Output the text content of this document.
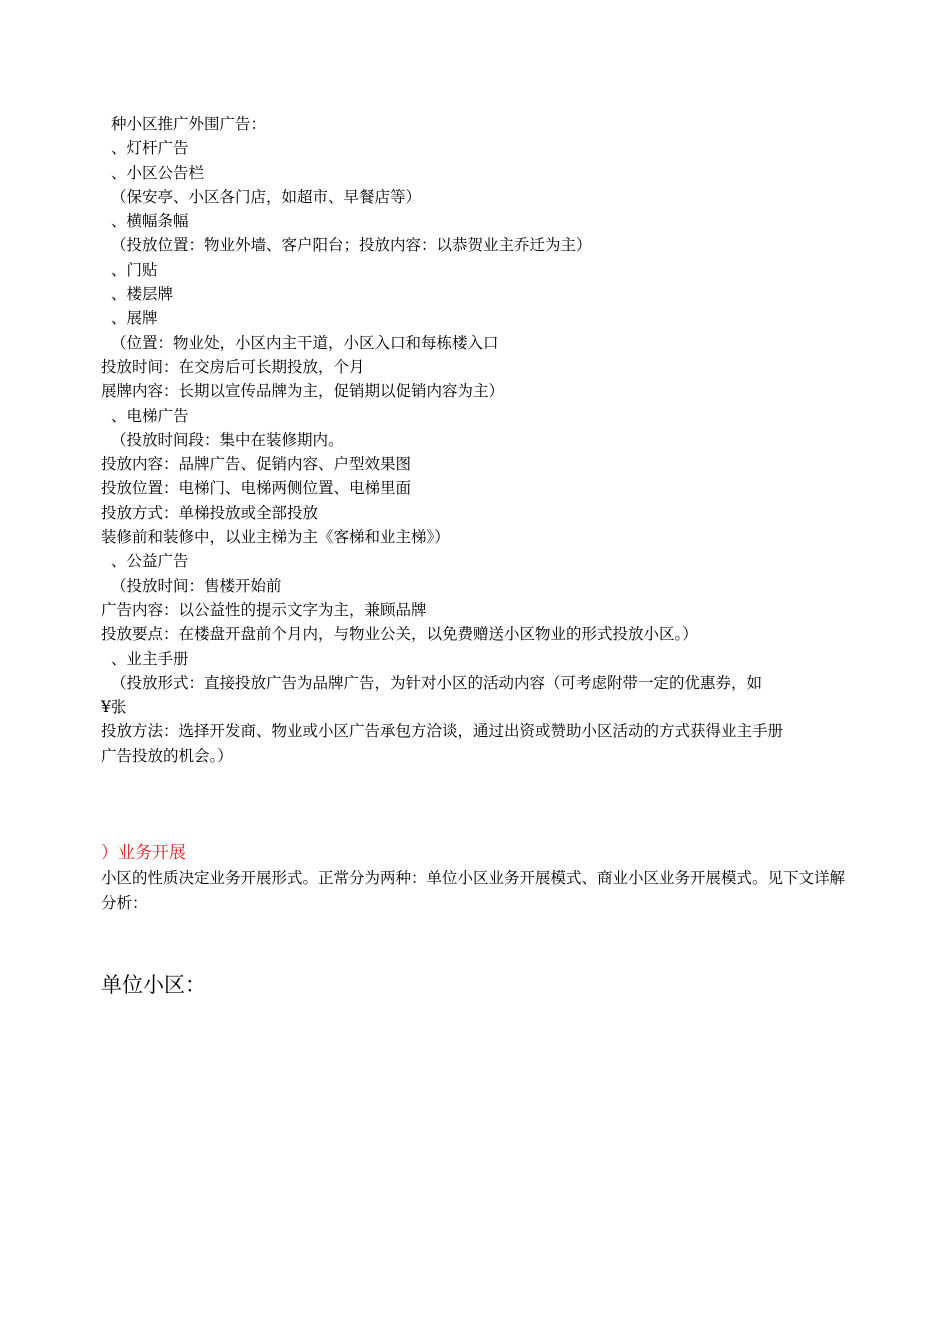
种小区推广外围广告：
、灯杆广告
、小区公告栏
（保安亭、小区各门店，如超市、早餐店等）
、横幅条幅
（投放位置：物业外墙、客户阳台；投放内容：以恭贺业主乔迁为主）
、门贴
、楼层牌
、展牌
（位置：物业处，小区内主干道，小区入口和每栋楼入口
投放时间：在交房后可长期投放，个月
展牌内容：长期以宣传品牌为主，促销期以促销内容为主）
、电梯广告
（投放时间段：集中在装修期内。
投放内容：品牌广告、促销内容、户型效果图
投放位置：电梯门、电梯两侧位置、电梯里面
投放方式：单梯投放或全部投放
装修前和装修中，以业主梯为主《客梯和业主梯》）
、公益广告
（投放时间：售楼开始前
广告内容：以公益性的提示文字为主，兼顾品牌
投放要点：在楼盘开盘前个月内，与物业公关，以免费赠送小区物业的形式投放小区。）
、业主手册
（投放形式：直接投放广告为品牌广告，为针对小区的活动内容（可考虑附带一定的优惠券，如
¥张
投放方法：选择开发商、物业或小区广告承包方洽谈，通过出资或赞助小区活动的方式获得业主手册
广告投放的机会。）
）业务开展

小区的性质决定业务开展形式。正常分为两种：单位小区业务开展模式、商业小区业务开展模式。见下文详解分析：

单位小区：
